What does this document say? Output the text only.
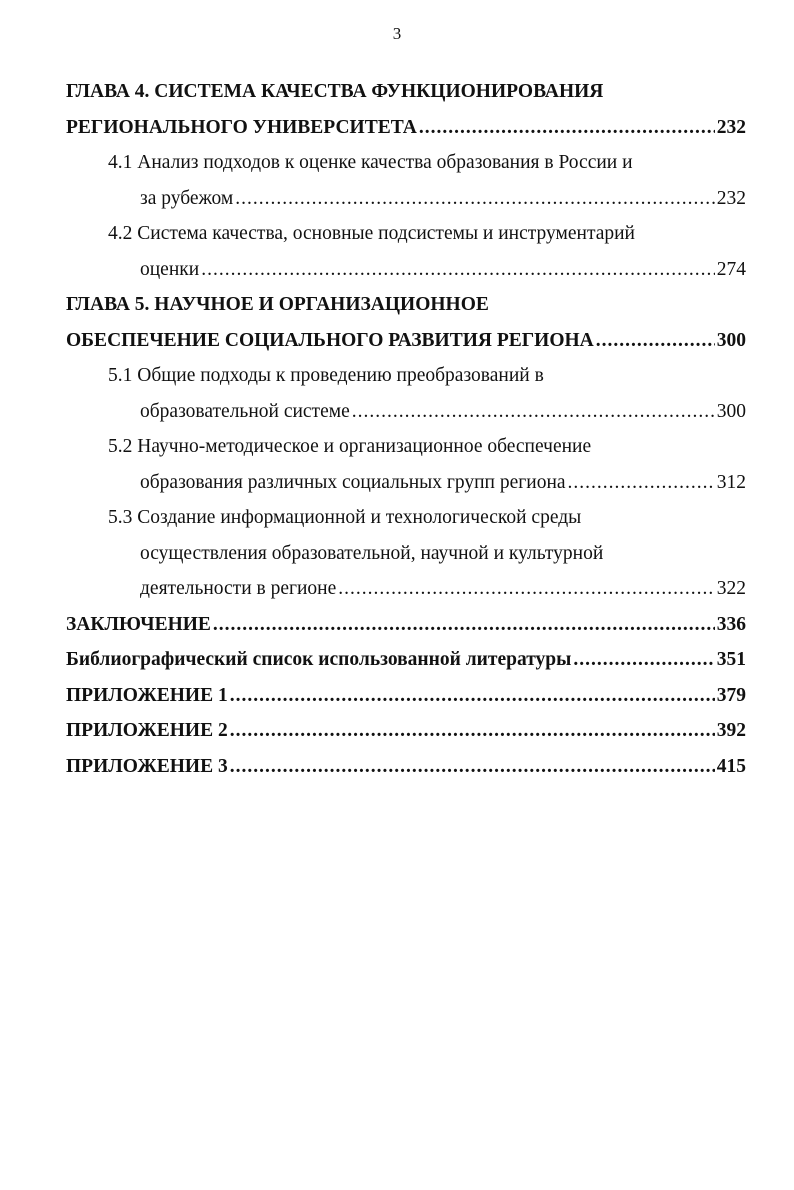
3
ГЛАВА 4. СИСТЕМА КАЧЕСТВА ФУНКЦИОНИРОВАНИЯ
РЕГИОНАЛЬНОГО УНИВЕРСИТЕТА .....	232
4.1 Анализ подходов к оценке качества образования в России и
за рубежом .....	232
4.2 Система качества, основные подсистемы и инструментарий
оценки .....	274
ГЛАВА 5. НАУЧНОЕ И ОРГАНИЗАЦИОННОЕ
ОБЕСПЕЧЕНИЕ СОЦИАЛЬНОГО РАЗВИТИЯ РЕГИОНА .....	300
5.1 Общие подходы к проведению преобразований в
образовательной системе .....	300
5.2 Научно-методическое и организационное обеспечение
образования различных социальных групп региона .....	312
5.3 Создание информационной и технологической среды
осуществления образовательной, научной и культурной
деятельности в регионе .....	322
ЗАКЛЮЧЕНИЕ .....	336
Библиографический список использованной литературы .....	351
ПРИЛОЖЕНИЕ 1 .....	379
ПРИЛОЖЕНИЕ 2 .....	392
ПРИЛОЖЕНИЕ 3 .....	415
